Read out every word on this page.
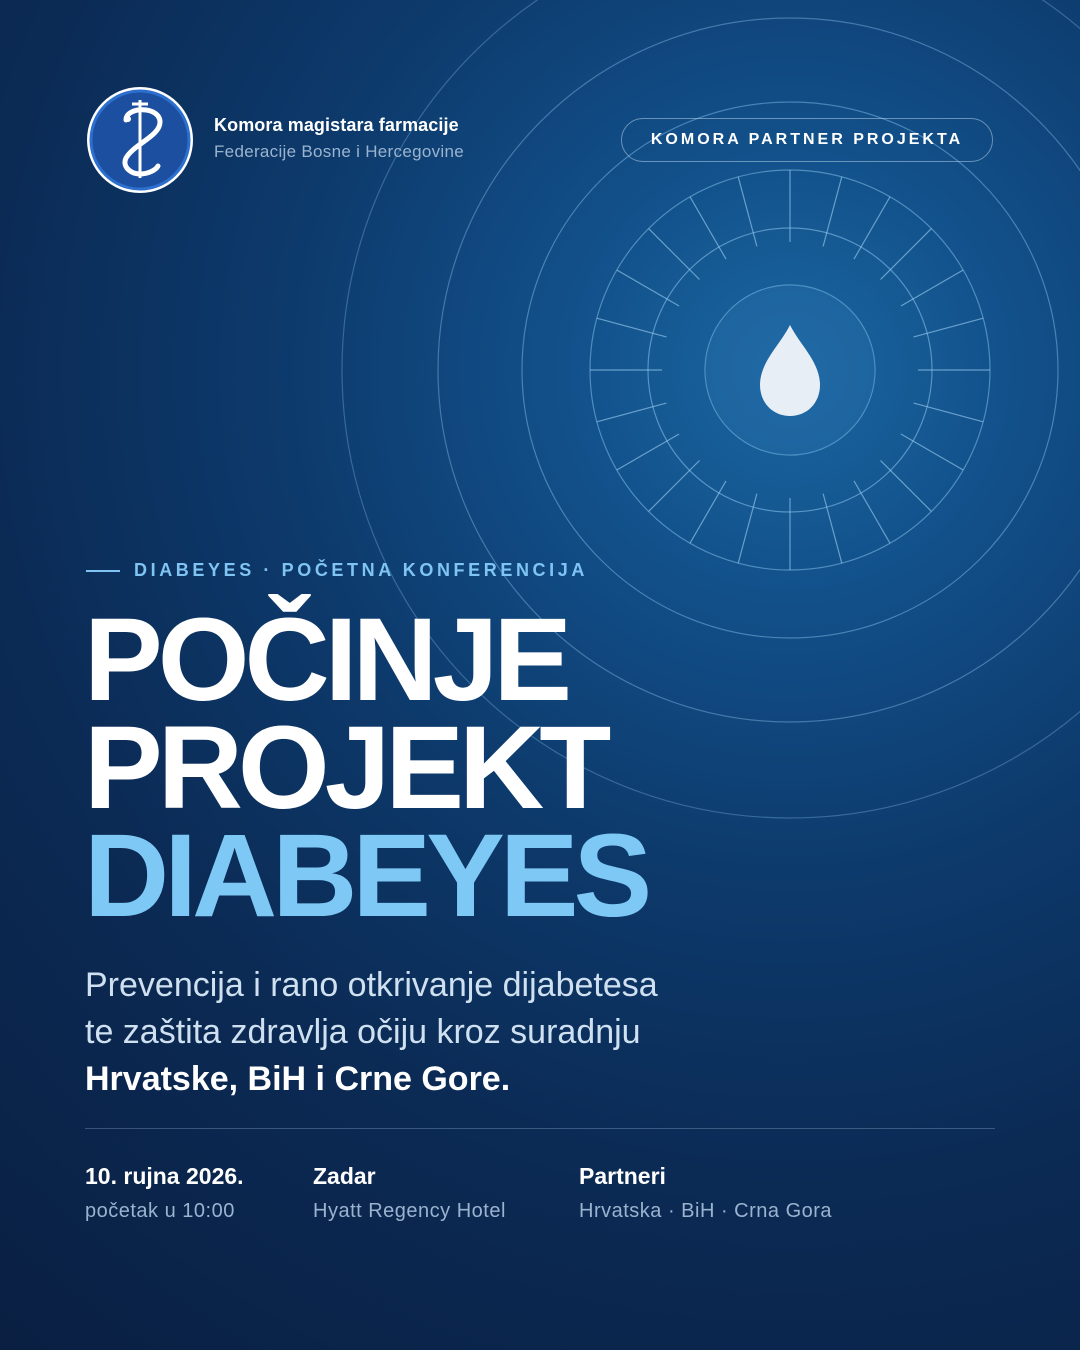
Komora magistara farmacije
Federacije Bosne i Hercegovine
KOMORA PARTNER PROJEKTA
DIABEYES · POČETNA KONFERENCIJA
POČINJE
PROJEKT
DIABEYES
Prevencija i rano otkrivanje dijabetesa
te zaštita zdravlja očiju kroz suradnju
Hrvatske, BiH i Crne Gore.
10. rujna 2026.
početak u 10:00
Zadar
Hyatt Regency Hotel
Partneri
Hrvatska · BiH · Crna Gora
